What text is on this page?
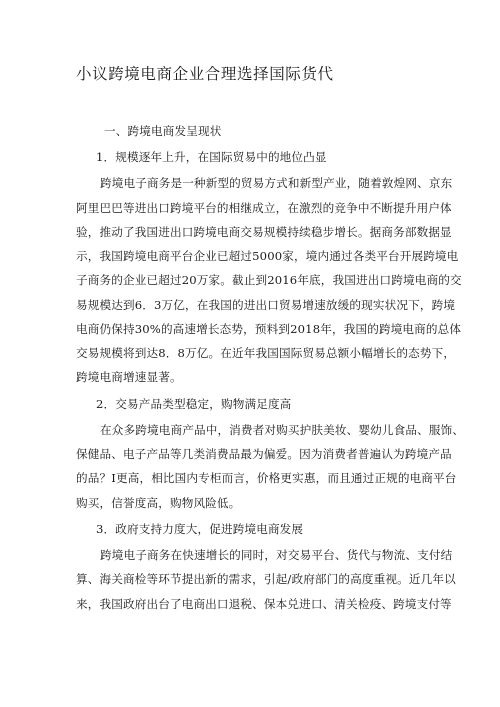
小议跨境电商企业合理选择国际货代
一、跨境电商发呈现状
1．规模逐年上升，在国际贸易中的地位凸显
跨境电子商务是一种新型的贸易方式和新型产业，随着敦煌网、京东
阿里巴巴等进出口跨境平台的相继成立，在激烈的竞争中不断提升用户体
验，推动了我国进出口跨境电商交易规模持续稳步增长。据商务部数据显
示，我国跨境电商平台企业已超过5000家，境内通过各类平台开展跨境电
子商务的企业已超过20万家。截止到2016年底，我国进出口跨境电商的交
易规模达到6．3万亿，在我国的进出口贸易增速放缓的现实状况下，跨境
电商仍保持30%的高速增长态势，预料到2018年，我国的跨境电商的总体
交易规模将到达8．8万亿。在近年我国国际贸易总额小幅增长的态势下，
跨境电商增速显著。
2．交易产品类型稳定，购物满足度高
在众多跨境电商产品中，消费者对购买护肤美妆、婴幼儿食品、服饰、
保健品、电子产品等几类消费品最为偏爱。因为消费者普遍认为跨境产品
的品？I更高，相比国内专柜而言，价格更实惠，而且通过正规的电商平台
购买，信誉度高，购物风险低。
3．政府支持力度大，促进跨境电商发展
跨境电子商务在快速增长的同时，对交易平台、货代与物流、支付结
算、海关商检等环节提出新的需求，引起/政府部门的高度重视。近几年以
来，我国政府出台了电商出口退税、保本兑进口、清关检疫、跨境支付等
